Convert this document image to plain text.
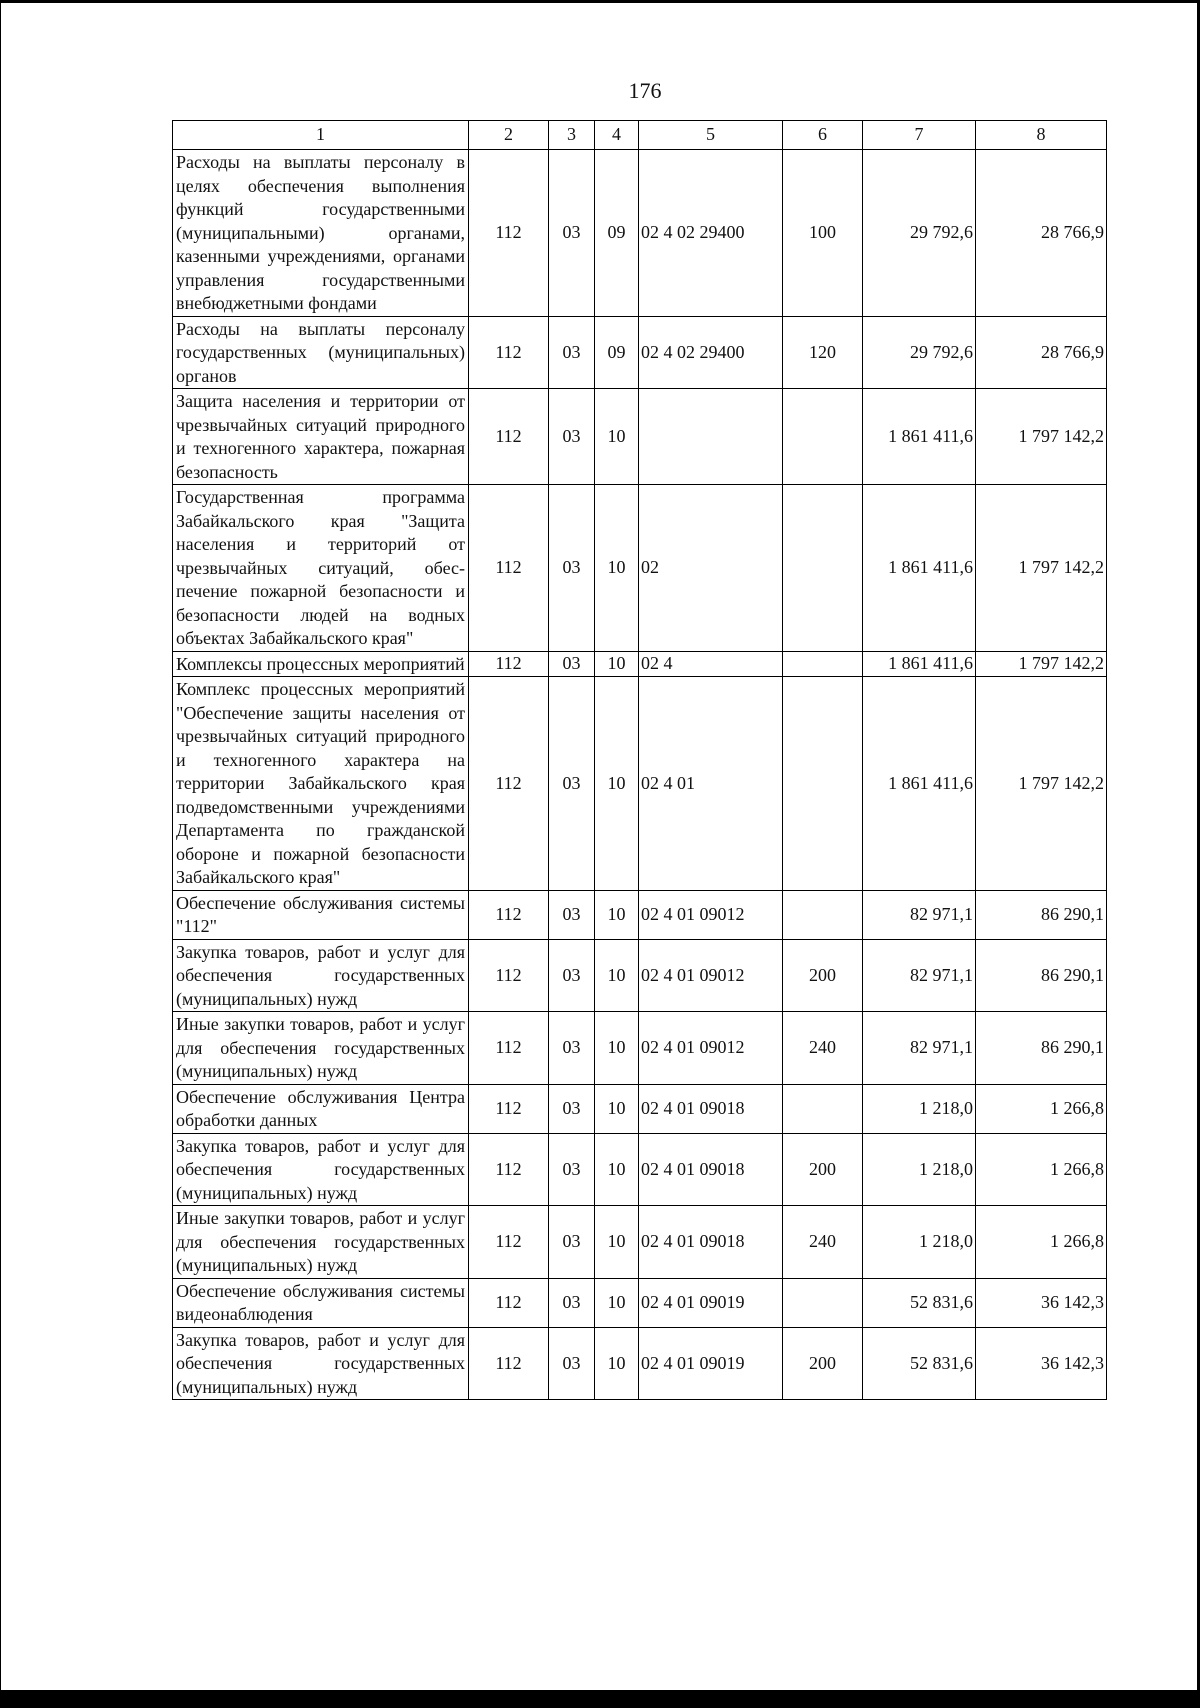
176
1	2	3	4	5	6	7	8
Расходы на выплаты персоналу в целях обеспечения выполнения функций государственными (муниципальными) органами, казенными учреждениями, органами управления государственными внебюджетными фондами	112	03	09	02 4 02 29400	100	29 792,6	28 766,9
Расходы на выплаты персоналу государственных (муниципальных) органов	112	03	09	02 4 02 29400	120	29 792,6	28 766,9
Защита населения и территории от чрезвычайных ситуаций природного и техногенного характера, пожарная безопасность	112	03	10			1 861 411,6	1 797 142,2
Государственная программа Забайкальского края "Защита населения и территорий от чрезвычайных ситуаций, обеспечение пожарной безопасности и безопасности людей на водных объектах Забайкальского края"	112	03	10	02		1 861 411,6	1 797 142,2
Комплексы процессных мероприятий	112	03	10	02 4		1 861 411,6	1 797 142,2
Комплекс процессных мероприятий "Обеспечение защиты населения от чрезвычайных ситуаций природного и техногенного характера на территории Забайкальского края подведомственными учреждениями Департамента по гражданской обороне и пожарной безопасности Забайкальского края"	112	03	10	02 4 01		1 861 411,6	1 797 142,2
Обеспечение обслуживания системы "112"	112	03	10	02 4 01 09012		82 971,1	86 290,1
Закупка товаров, работ и услуг для обеспечения государственных (муниципальных) нужд	112	03	10	02 4 01 09012	200	82 971,1	86 290,1
Иные закупки товаров, работ и услуг для обеспечения государственных (муниципальных) нужд	112	03	10	02 4 01 09012	240	82 971,1	86 290,1
Обеспечение обслуживания Центра обработки данных	112	03	10	02 4 01 09018		1 218,0	1 266,8
Закупка товаров, работ и услуг для обеспечения государственных (муниципальных) нужд	112	03	10	02 4 01 09018	200	1 218,0	1 266,8
Иные закупки товаров, работ и услуг для обеспечения государственных (муниципальных) нужд	112	03	10	02 4 01 09018	240	1 218,0	1 266,8
Обеспечение обслуживания системы видеонаблюдения	112	03	10	02 4 01 09019		52 831,6	36 142,3
Закупка товаров, работ и услуг для обеспечения государственных (муниципальных) нужд	112	03	10	02 4 01 09019	200	52 831,6	36 142,3
